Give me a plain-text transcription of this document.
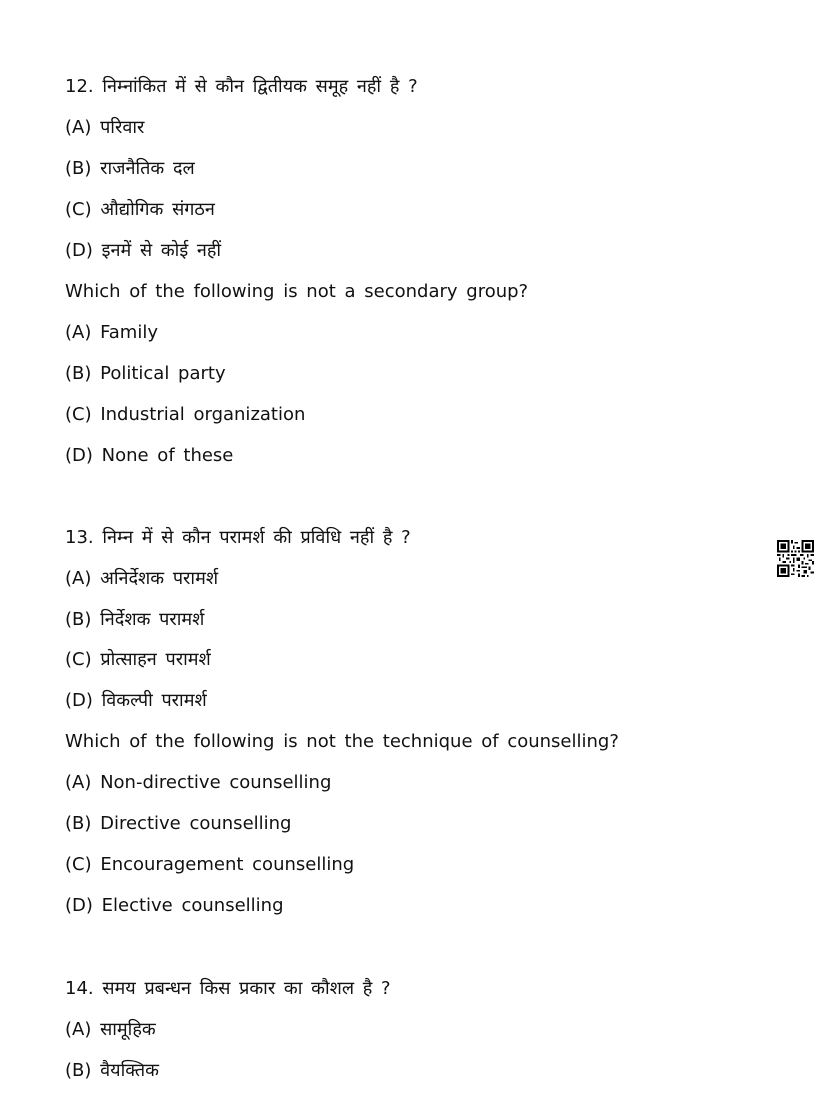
12. निम्नांकित में से कौन द्वितीयक समूह नहीं है ?
(A) परिवार
(B) राजनैतिक दल
(C) औद्योगिक संगठन
(D) इनमें से कोई नहीं
Which of the following is not a secondary group?
(A) Family
(B) Political party
(C) Industrial organization
(D) None of these
13. निम्न में से कौन परामर्श की प्रविधि नहीं है ?
(A) अनिर्देशक परामर्श
(B) निर्देशक परामर्श
(C) प्रोत्साहन परामर्श
(D) विकल्पी परामर्श
Which of the following is not the technique of counselling?
(A) Non-directive counselling
(B) Directive counselling
(C) Encouragement counselling
(D) Elective counselling
14. समय प्रबन्धन किस प्रकार का कौशल है ?
(A) सामूहिक
(B) वैयक्तिक
